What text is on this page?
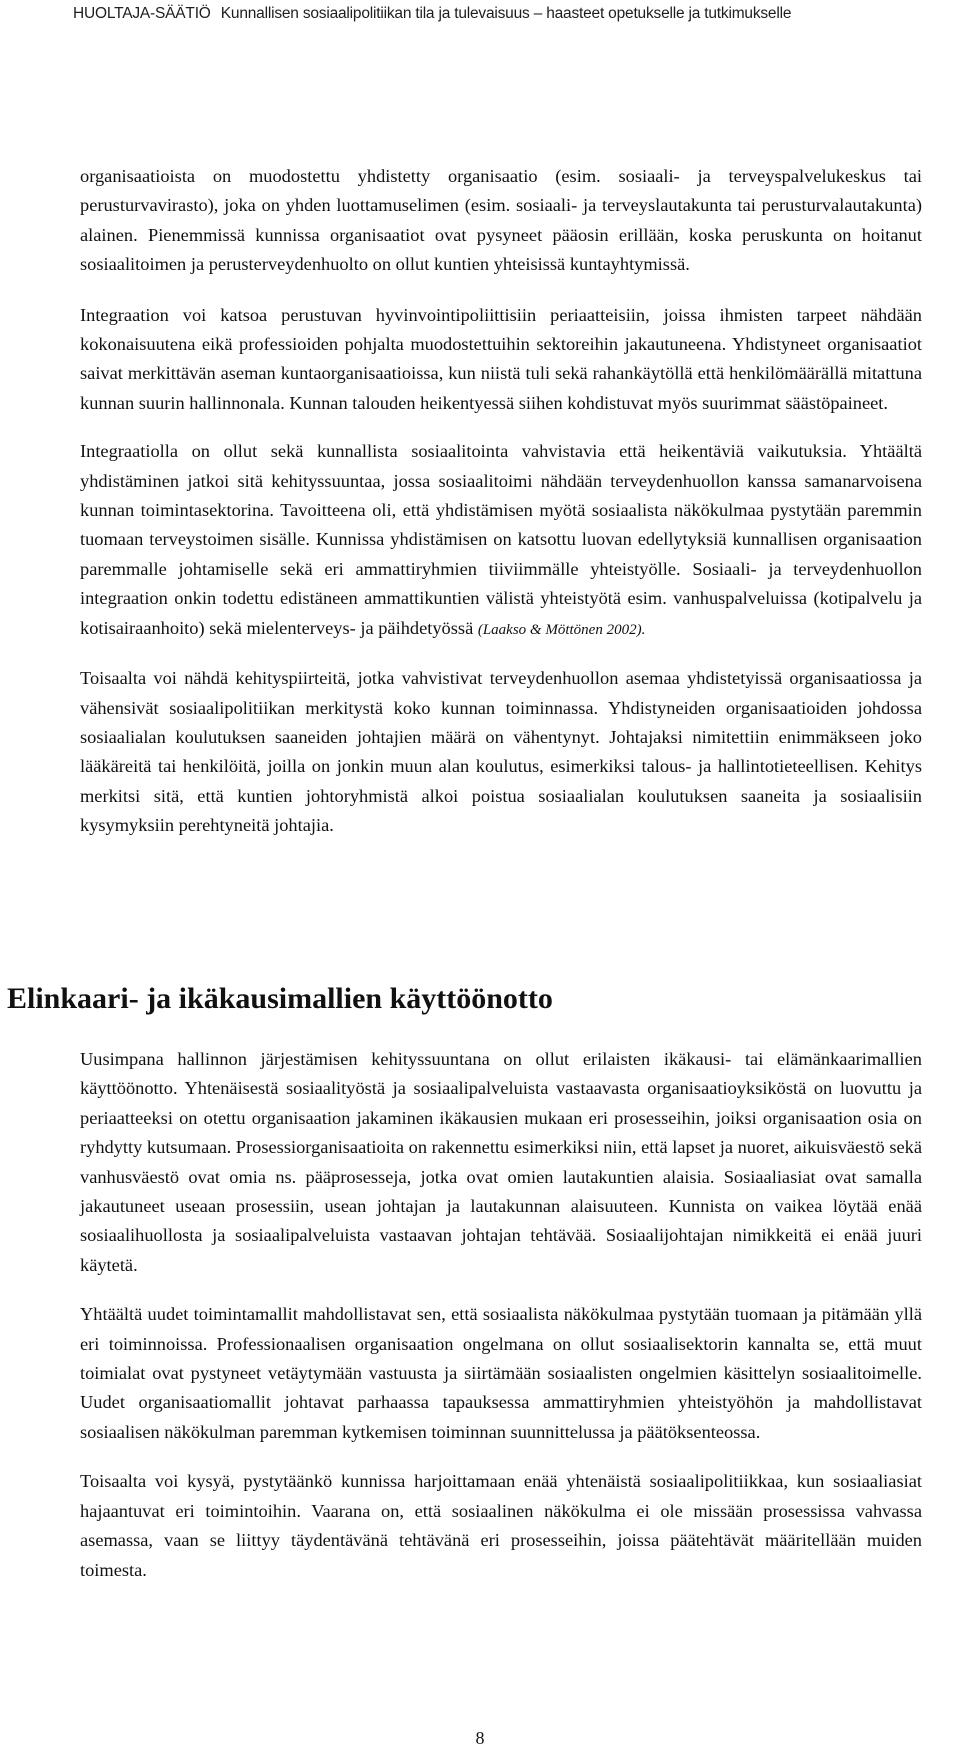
HUOLTAJA-SÄÄTIÖ Kunnallisen sosiaalipolitiikan tila ja tulevaisuus – haasteet opetukselle ja tutkimukselle

organisaatioista on muodostettu yhdistetty organisaatio (esim. sosiaali- ja terveyspalvelukeskus tai perusturvavirasto), joka on yhden luottamuselimen (esim. sosiaali- ja terveyslautakunta tai perusturvalautakunta) alainen. Pienemmissä kunnissa organisaatiot ovat pysyneet pääosin erillään, koska peruskunta on hoitanut sosiaalitoimen ja perusterveydenhuolto on ollut kuntien yhteisissä kuntayhtymissä.

Integraation voi katsoa perustuvan hyvinvointipoliittisiin periaatteisiin, joissa ihmisten tarpeet nähdään kokonaisuutena eikä professioiden pohjalta muodostettuihin sektoreihin jakautuneena. Yhdistyneet organisaatiot saivat merkittävän aseman kuntaorganisaatioissa, kun niistä tuli sekä rahankäytöllä että henkilömäärällä mitattuna kunnan suurin hallinnonala. Kunnan talouden heikentyessä siihen kohdistuvat myös suurimmat säästöpaineet.

Integraatiolla on ollut sekä kunnallista sosiaalitointa vahvistavia että heikentäviä vaikutuksia. Yhtäältä yhdistäminen jatkoi sitä kehityssuuntaa, jossa sosiaalitoimi nähdään terveydenhuollon kanssa samanarvoisena kunnan toimintasektorina. Tavoitteena oli, että yhdistämisen myötä sosiaalista näkökulmaa pystytään paremmin tuomaan terveystoimen sisälle. Kunnissa yhdistämisen on katsottu luovan edellytyksiä kunnallisen organisaation paremmalle johtamiselle sekä eri ammattiryhmien tiiviimmälle yhteistyölle. Sosiaali- ja terveydenhuollon integraation onkin todettu edistäneen ammattikuntien välistä yhteistyötä esim. vanhuspalveluissa (kotipalvelu ja kotisairaanhoito) sekä mielenterveys- ja päihdetyössä (Laakso & Möttönen 2002).

Toisaalta voi nähdä kehityspiirteitä, jotka vahvistivat terveydenhuollon asemaa yhdistetyissä organisaatiossa ja vähensivät sosiaalipolitiikan merkitystä koko kunnan toiminnassa. Yhdistyneiden organisaatioiden johdossa sosiaalialan koulutuksen saaneiden johtajien määrä on vähentynyt. Johtajaksi nimitettiin enimmäkseen joko lääkäreitä tai henkilöitä, joilla on jonkin muun alan koulutus, esimerkiksi talous- ja hallintotieteellisen. Kehitys merkitsi sitä, että kuntien johtoryhmistä alkoi poistua sosiaalialan koulutuksen saaneita ja sosiaalisiin kysymyksiin perehtyneitä johtajia.

Elinkaari- ja ikäkausimallien käyttöönotto

Uusimpana hallinnon järjestämisen kehityssuuntana on ollut erilaisten ikäkausi- tai elämänkaarimallien käyttöönotto. Yhtenäisestä sosiaalityöstä ja sosiaalipalveluista vastaavasta organisaatioyksiköstä on luovuttu ja periaatteeksi on otettu organisaation jakaminen ikäkausien mukaan eri prosesseihin, joiksi organisaation osia on ryhdytty kutsumaan. Prosessiorganisaatioita on rakennettu esimerkiksi niin, että lapset ja nuoret, aikuisväestö sekä vanhusväestö ovat omia ns. pääprosesseja, jotka ovat omien lautakuntien alaisia. Sosiaaliasiat ovat samalla jakautuneet useaan prosessiin, usean johtajan ja lautakunnan alaisuuteen. Kunnista on vaikea löytää enää sosiaalihuollosta ja sosiaalipalveluista vastaavan johtajan tehtävää. Sosiaalijohtajan nimikkeitä ei enää juuri käytetä.

Yhtäältä uudet toimintamallit mahdollistavat sen, että sosiaalista näkökulmaa pystytään tuomaan ja pitämään yllä eri toiminnoissa. Professionaalisen organisaation ongelmana on ollut sosiaalisektorin kannalta se, että muut toimialat ovat pystyneet vetäytymään vastuusta ja siirtämään sosiaalisten ongelmien käsittelyn sosiaalitoimelle. Uudet organisaatiomallit johtavat parhaassa tapauksessa ammattiryhmien yhteistyöhön ja mahdollistavat sosiaalisen näkökulman paremman kytkemisen toiminnan suunnittelussa ja päätöksenteossa.

Toisaalta voi kysyä, pystytäänkö kunnissa harjoittamaan enää yhtenäistä sosiaalipolitiikkaa, kun sosiaaliasiat hajaantuvat eri toimintoihin. Vaarana on, että sosiaalinen näkökulma ei ole missään prosessissa vahvassa asemassa, vaan se liittyy täydentävänä tehtävänä eri prosesseihin, joissa päätehtävät määritellään muiden toimesta.

8
